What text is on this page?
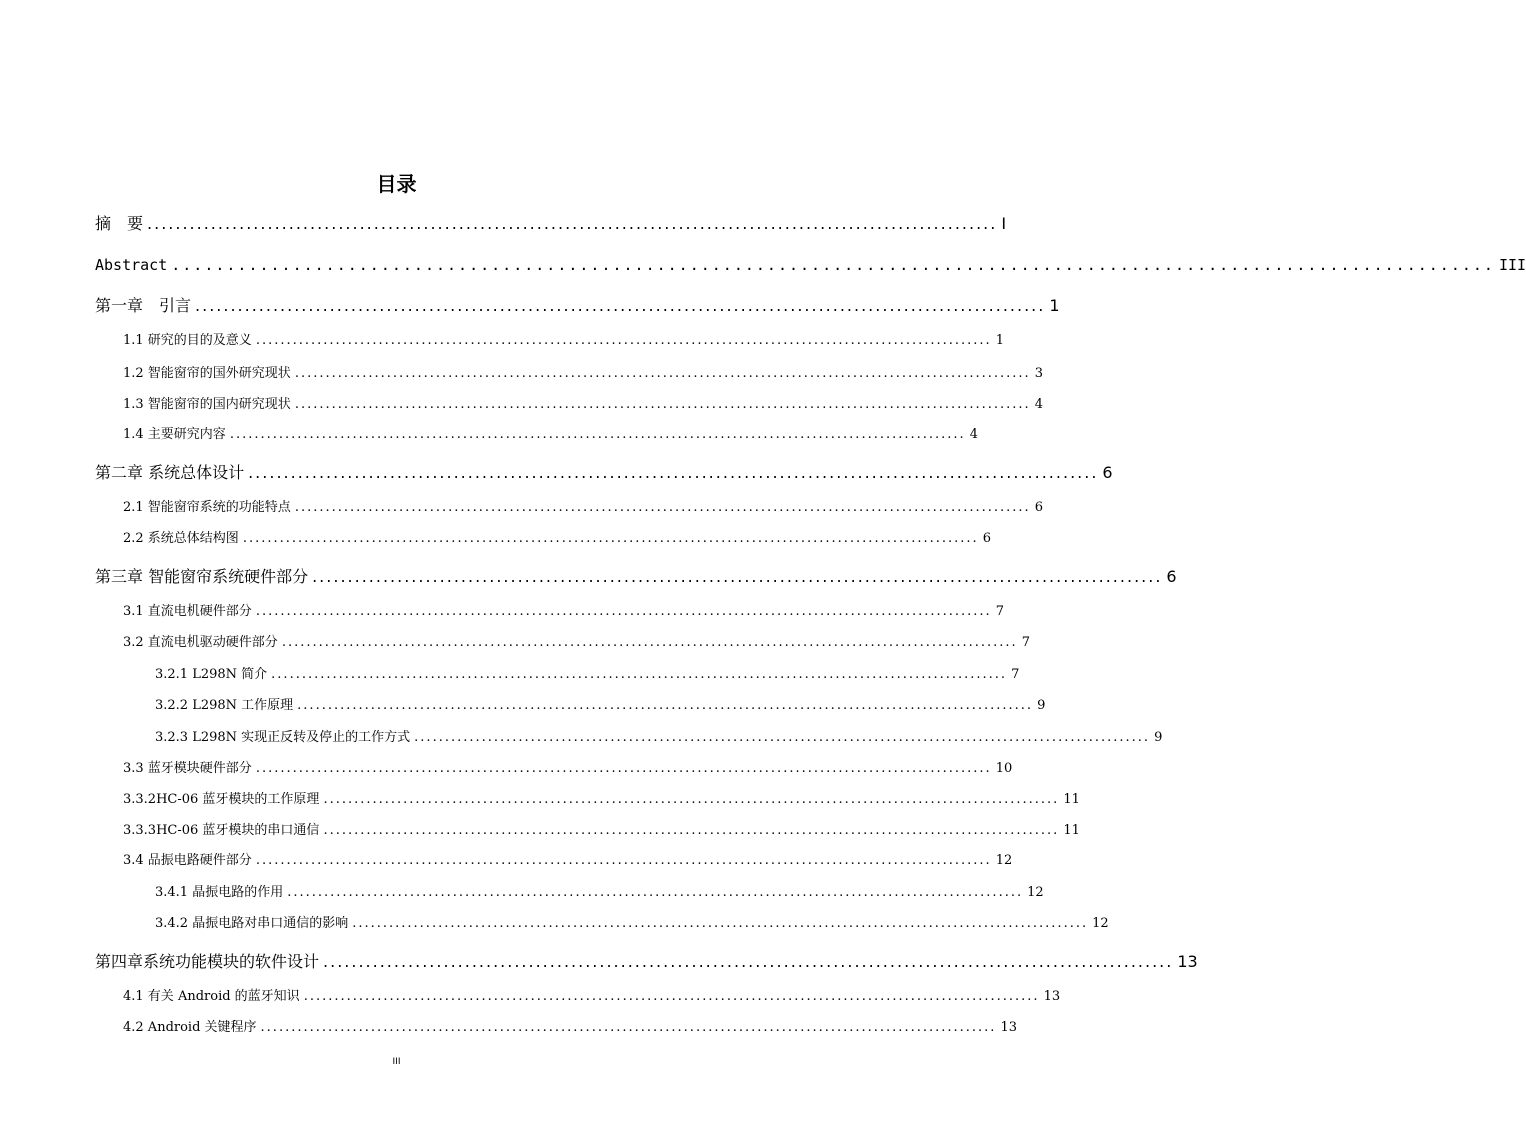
目录
摘　要 ........................................................................................................................ I
Abstract ........................................................................................................................ III
第一章　引言 ........................................................................................................................ 1
1.1 研究的目的及意义 ........................................................................................................................ 1
1.2 智能窗帘的国外研究现状 ........................................................................................................................ 3
1.3 智能窗帘的国内研究现状 ........................................................................................................................ 4
1.4 主要研究内容 ........................................................................................................................ 4
第二章 系统总体设计 ........................................................................................................................ 6
2.1 智能窗帘系统的功能特点 ........................................................................................................................ 6
2.2 系统总体结构图 ........................................................................................................................ 6
第三章 智能窗帘系统硬件部分 ........................................................................................................................ 6
3.1 直流电机硬件部分 ........................................................................................................................ 7
3.2 直流电机驱动硬件部分 ........................................................................................................................ 7
3.2.1 L298N 简介 ........................................................................................................................ 7
3.2.2 L298N 工作原理 ........................................................................................................................ 9
3.2.3 L298N 实现正反转及停止的工作方式 ........................................................................................................................ 9
3.3 蓝牙模块硬件部分 ........................................................................................................................ 10
3.3.2HC-06 蓝牙模块的工作原理 ........................................................................................................................ 11
3.3.3HC-06 蓝牙模块的串口通信 ........................................................................................................................ 11
3.4 品振电路硬件部分 ........................................................................................................................ 12
3.4.1 晶振电路的作用 ........................................................................................................................ 12
3.4.2 晶振电路对串口通信的影响 ........................................................................................................................ 12
第四章系统功能模块的软件设计 ........................................................................................................................ 13
4.1 有关 Android 的蓝牙知识 ........................................................................................................................ 13
4.2 Android 关键程序 ........................................................................................................................ 13
III
